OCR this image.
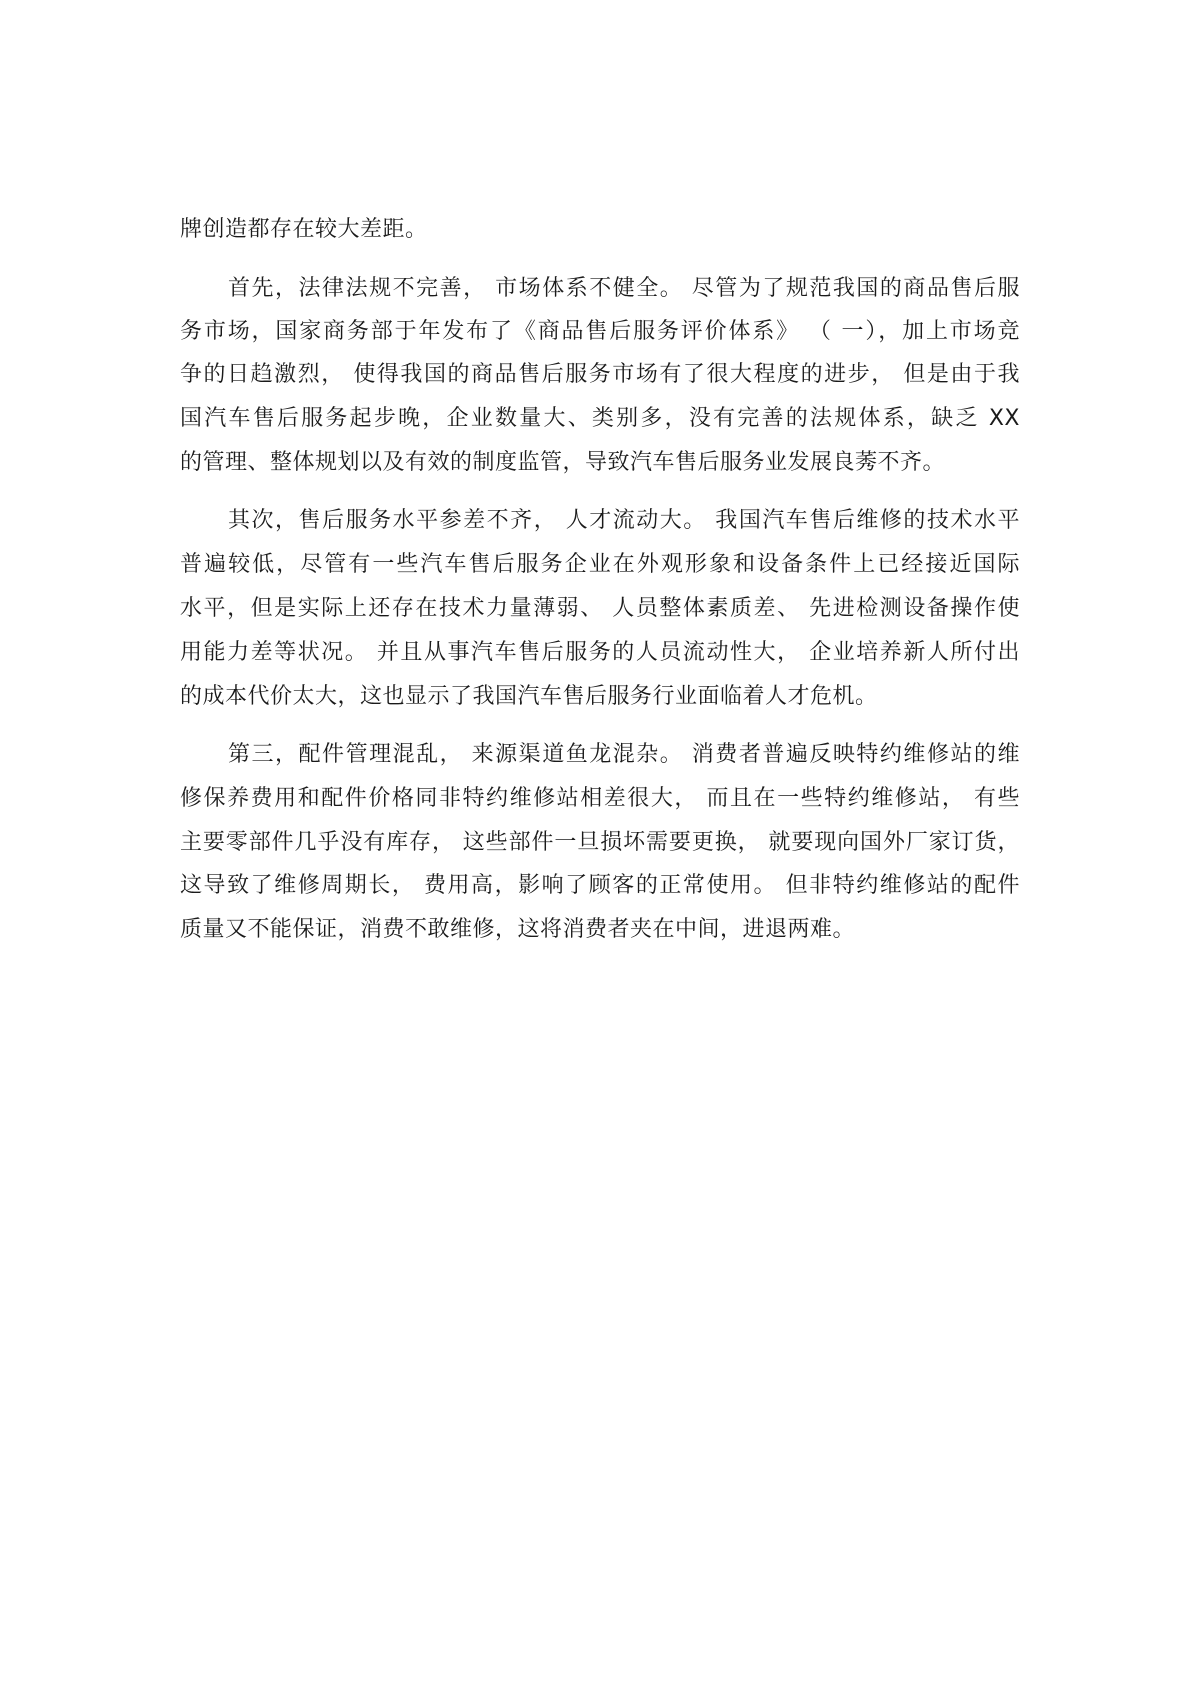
牌创造都存在较大差距。
首先，法律法规不完善， 市场体系不健全。 尽管为了规范我国的商品售后服
务市场，国家商务部于年发布了《商品售后服务评价体系》 （ 一），加上市场竞
争的日趋激烈， 使得我国的商品售后服务市场有了很大程度的进步， 但是由于我
国汽车售后服务起步晚，企业数量大、类别多，没有完善的法规体系，缺乏 XX
的管理、整体规划以及有效的制度监管，导致汽车售后服务业发展良莠不齐。
其次，售后服务水平参差不齐， 人才流动大。 我国汽车售后维修的技术水平
普遍较低，尽管有一些汽车售后服务企业在外观形象和设备条件上已经接近国际
水平，但是实际上还存在技术力量薄弱、 人员整体素质差、 先进检测设备操作使
用能力差等状况。 并且从事汽车售后服务的人员流动性大， 企业培养新人所付出
的成本代价太大，这也显示了我国汽车售后服务行业面临着人才危机。
第三，配件管理混乱， 来源渠道鱼龙混杂。 消费者普遍反映特约维修站的维
修保养费用和配件价格同非特约维修站相差很大， 而且在一些特约维修站， 有些
主要零部件几乎没有库存， 这些部件一旦损坏需要更换， 就要现向国外厂家订货，
这导致了维修周期长， 费用高，影响了顾客的正常使用。 但非特约维修站的配件
质量又不能保证，消费不敢维修，这将消费者夹在中间，进退两难。
